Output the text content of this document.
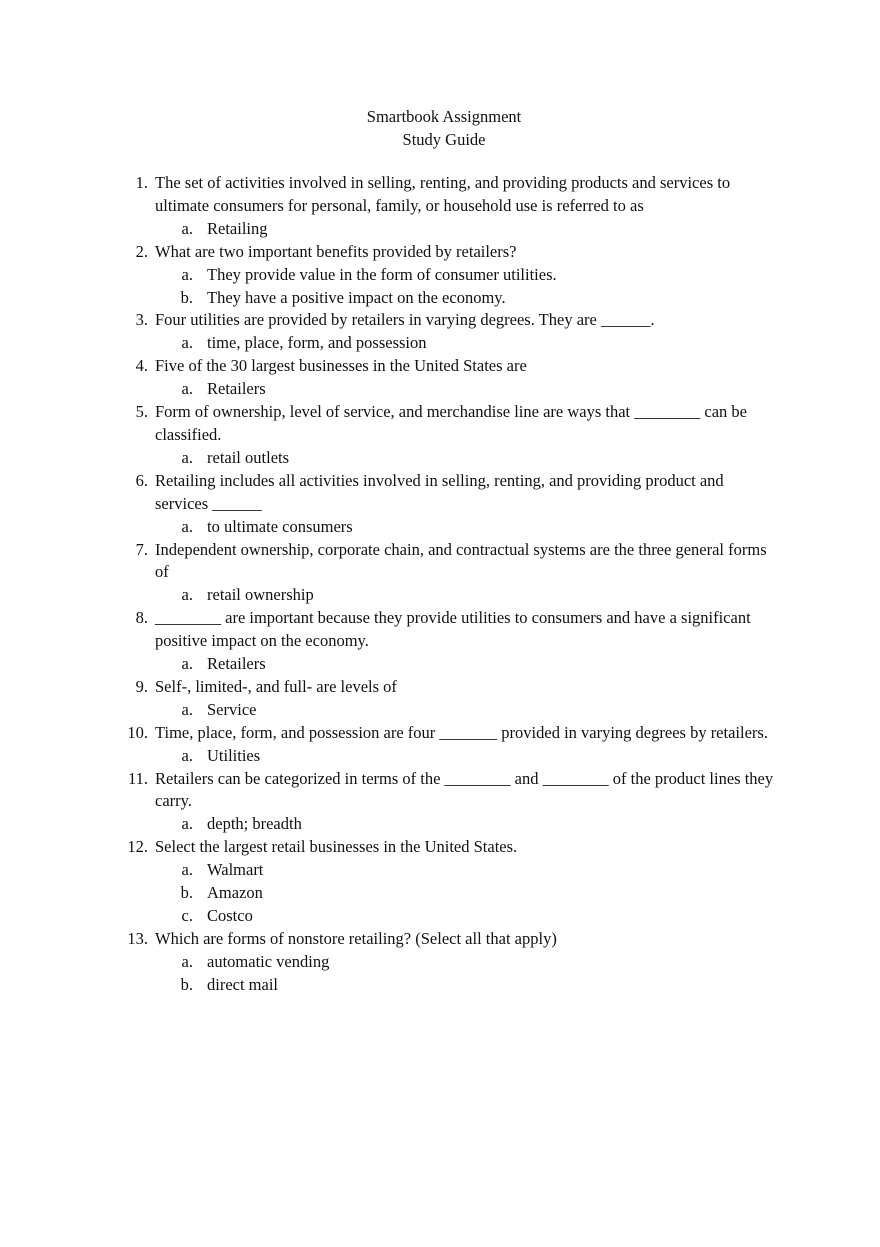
Smartbook Assignment
Study Guide
1. The set of activities involved in selling, renting, and providing products and services to ultimate consumers for personal, family, or household use is referred to as
a. Retailing
2. What are two important benefits provided by retailers?
a. They provide value in the form of consumer utilities.
b. They have a positive impact on the economy.
3. Four utilities are provided by retailers in varying degrees. They are ______.
a. time, place, form, and possession
4. Five of the 30 largest businesses in the United States are
a. Retailers
5. Form of ownership, level of service, and merchandise line are ways that ________ can be classified.
a. retail outlets
6. Retailing includes all activities involved in selling, renting, and providing product and services ______
a. to ultimate consumers
7. Independent ownership, corporate chain, and contractual systems are the three general forms of
a. retail ownership
8. ________ are important because they provide utilities to consumers and have a significant positive impact on the economy.
a. Retailers
9. Self-, limited-, and full- are levels of
a. Service
10. Time, place, form, and possession are four _______ provided in varying degrees by retailers.
a. Utilities
11. Retailers can be categorized in terms of the ________ and ________ of the product lines they carry.
a. depth; breadth
12. Select the largest retail businesses in the United States.
a. Walmart
b. Amazon
c. Costco
13. Which are forms of nonstore retailing? (Select all that apply)
a. automatic vending
b. direct mail
